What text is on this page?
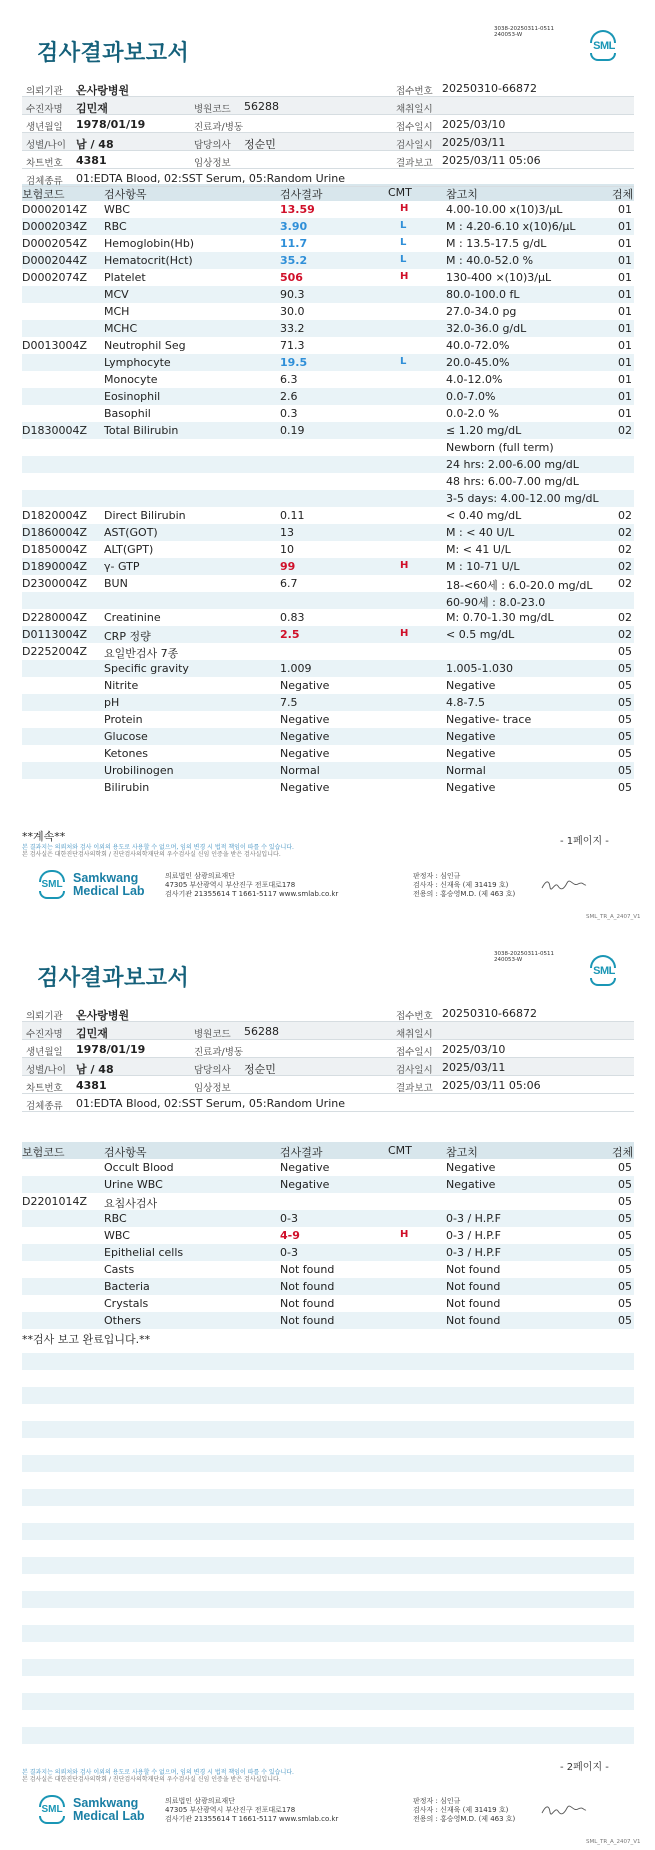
3038-20250311-0511
240053-W
SML
검사결과보고서
보험코드	검사항목	검사결과	CMT	참고치	검체
D0002014Z WBC	13.59	H	4.00-10.00 x(10)3/μL	01
D0002034Z RBC	3.90	L	M : 4.20-6.10 x(10)6/μL	01
D0002054Z Hemoglobin(Hb)	11.7	L	M : 13.5-17.5 g/dL	01
D0002044Z Hematocrit(Hct)	35.2	L	M : 40.0-52.0 %	01
D0002074Z Platelet	506	H	130-400 ×(10)3/μL	01
MCV	90.3	80.0-100.0 fL	01
MCH	30.0	27.0-34.0 pg	01
MCHC	33.2	32.0-36.0 g/dL	01
D0013004Z Neutrophil Seg	71.3	40.0-72.0%	01
Lymphocyte	19.5	L	20.0-45.0%	01
Monocyte	6.3	4.0-12.0%	01
Eosinophil	2.6	0.0-7.0%	01
Basophil	0.3	0.0-2.0 %	01
D1830004Z Total Bilirubin	0.19	≤ 1.20 mg/dL	02
Newborn (full term)
24 hrs: 2.00-6.00 mg/dL
48 hrs: 6.00-7.00 mg/dL
3-5 days: 4.00-12.00 mg/dL
D1820004Z Direct Bilirubin	0.11	< 0.40 mg/dL	02
D1860004Z AST(GOT)	13	M : < 40 U/L	02
D1850004Z ALT(GPT)	10	M: < 41 U/L	02
D1890004Z γ- GTP	99	H	M : 10-71 U/L	02
D2300004Z BUN	6.7	18-<60세 : 6.0-20.0 mg/dL 02
60-90세 : 8.0-23.0
D2280004Z Creatinine	0.83	M: 0.70-1.30 mg/dL	02
D0113004Z CRP 정량	2.5	H	< 0.5 mg/dL	02
D2252004Z 요일반검사 7종	05
Specific gravity	1.009	1.005-1.030	05
Nitrite	Negative	Negative	05
pH	7.5	4.8-7.5	05
Protein	Negative	Negative- trace	05
Glucose	Negative	Negative	05
Ketones	Negative	Negative	05
Urobilinogen	Normal	Normal	05
Bilirubin	Negative	Negative	05
**계속**	- 1페이지 -
의뢰기관 온사랑병원	접수번호 20250310-66872
수진자명 김민재	병원코드 56288	채취일시
생년월일 1978/01/19	진료과/병동	접수일시 2025/03/10
성별/나이 남 / 48	담당의사 정순민	검사일시 2025/03/11
차트번호 4381	임상정보	결과보고 2025/03/11 05:06
검체종류 01:EDTA Blood, 02:SST Serum, 05:Random Urine
본 결과지는 의뢰처와 검사 이외의 용도로 사용할 수 없으며, 임의 변경 시 법적 책임이 따를 수 있습니다.
본 검사실은 대한진단검사의학회 / 진단검사의학재단의 우수검사실 신임 인증을 받은 검사실입니다.
SML Samkwang
Medical Lab
의료법인 삼광의료재단
47305 부산광역시 부산진구 전포대로178
검사기관 21355614 T 1661-5117 www.smlab.co.kr
판정자 : 심인규
검사자 : 신재육 (제 31419 호)
전용의 : 홍승영M.D. (제 463 호)
SML_TR_A_2407_V1
3038-20250311-0511
240053-W
SML
검사결과보고서
보험코드	검사항목	검사결과	CMT	참고치	검체
Occult Blood	Negative	Negative	05
Urine WBC	Negative	Negative	05
D2201014Z 요침사검사	05
RBC	0-3	0-3 / H.P.F	05
WBC	4-9	H	0-3 / H.P.F	05
Epithelial cells	0-3	0-3 / H.P.F	05
Casts	Not found	Not found	05
Bacteria	Not found	Not found	05
Crystals	Not found	Not found	05
Others	Not found	Not found	05
**검사 보고 완료입니다.**
- 2페이지 -
의뢰기관 온사랑병원	접수번호 20250310-66872
수진자명 김민재	병원코드 56288	채취일시
생년월일 1978/01/19	진료과/병동	접수일시 2025/03/10
성별/나이 남 / 48	담당의사 정순민	검사일시 2025/03/11
차트번호 4381	임상정보	결과보고 2025/03/11 05:06
검체종류 01:EDTA Blood, 02:SST Serum, 05:Random Urine
본 결과지는 의뢰처와 검사 이외의 용도로 사용할 수 없으며, 임의 변경 시 법적 책임이 따를 수 있습니다.
본 검사실은 대한진단검사의학회 / 진단검사의학재단의 우수검사실 신임 인증을 받은 검사실입니다.
SML Samkwang
Medical Lab
의료법인 삼광의료재단
47305 부산광역시 부산진구 전포대로178
검사기관 21355614 T 1661-5117 www.smlab.co.kr
판정자 : 심인규
검사자 : 신재육 (제 31419 호)
전용의 : 홍승영M.D. (제 463 호)
SML_TR_A_2407_V1
